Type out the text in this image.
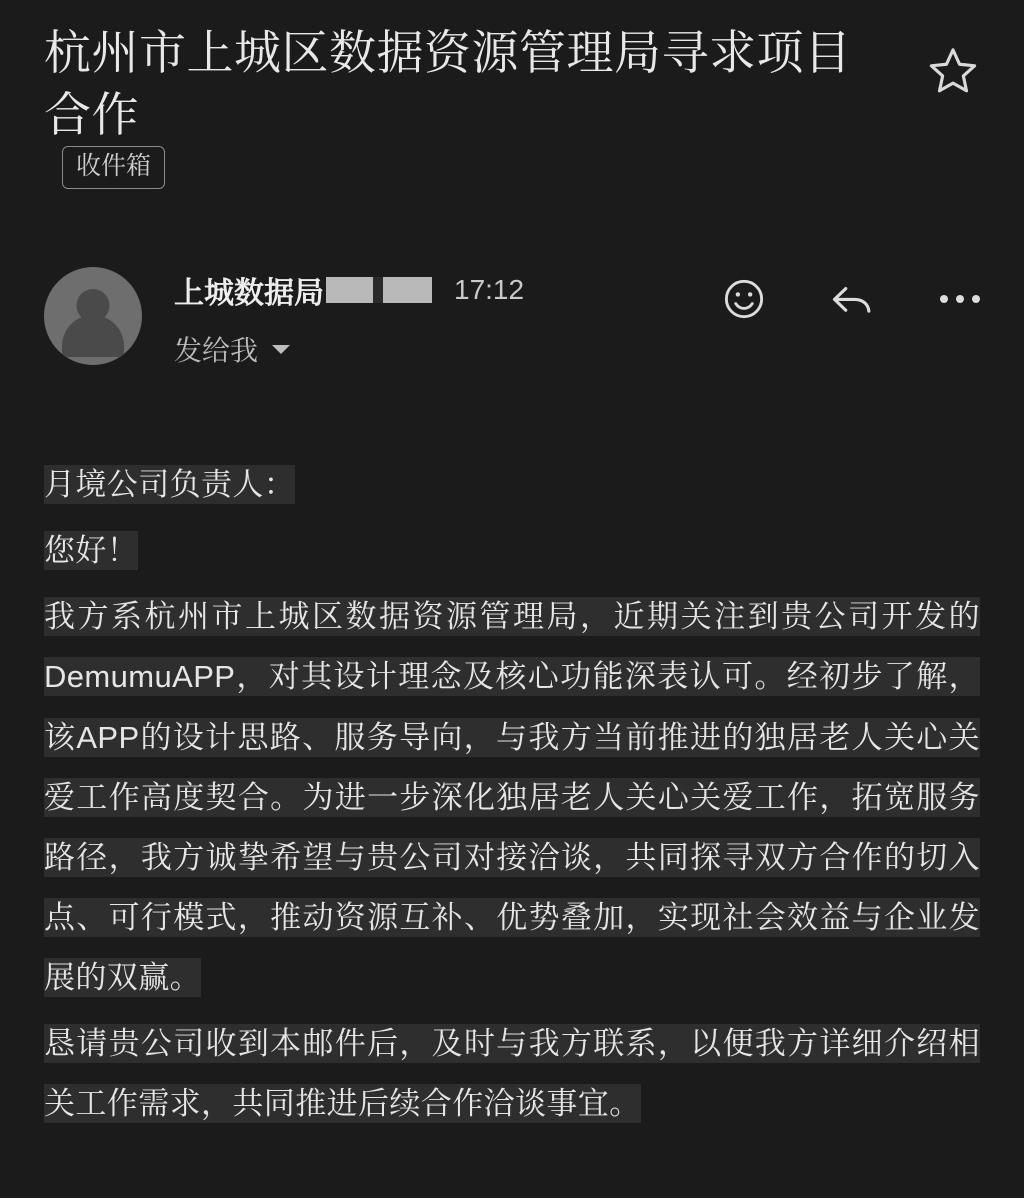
杭州市上城区数据资源管理局寻求项目合作
收件箱
上城数据局	17:12
发给我

月境公司负责人：

您好！

我方系杭州市上城区数据资源管理局，近期关注到贵公司开发的DemumuAPP，对其设计理念及核心功能深表认可。经初步了解，该APP的设计思路、服务导向，与我方当前推进的独居老人关心关爱工作高度契合。为进一步深化独居老人关心关爱工作，拓宽服务路径，我方诚挚希望与贵公司对接洽谈，共同探寻双方合作的切入点、可行模式，推动资源互补、优势叠加，实现社会效益与企业发展的双赢。

恳请贵公司收到本邮件后，及时与我方联系，以便我方详细介绍相关工作需求，共同推进后续合作洽谈事宜。
